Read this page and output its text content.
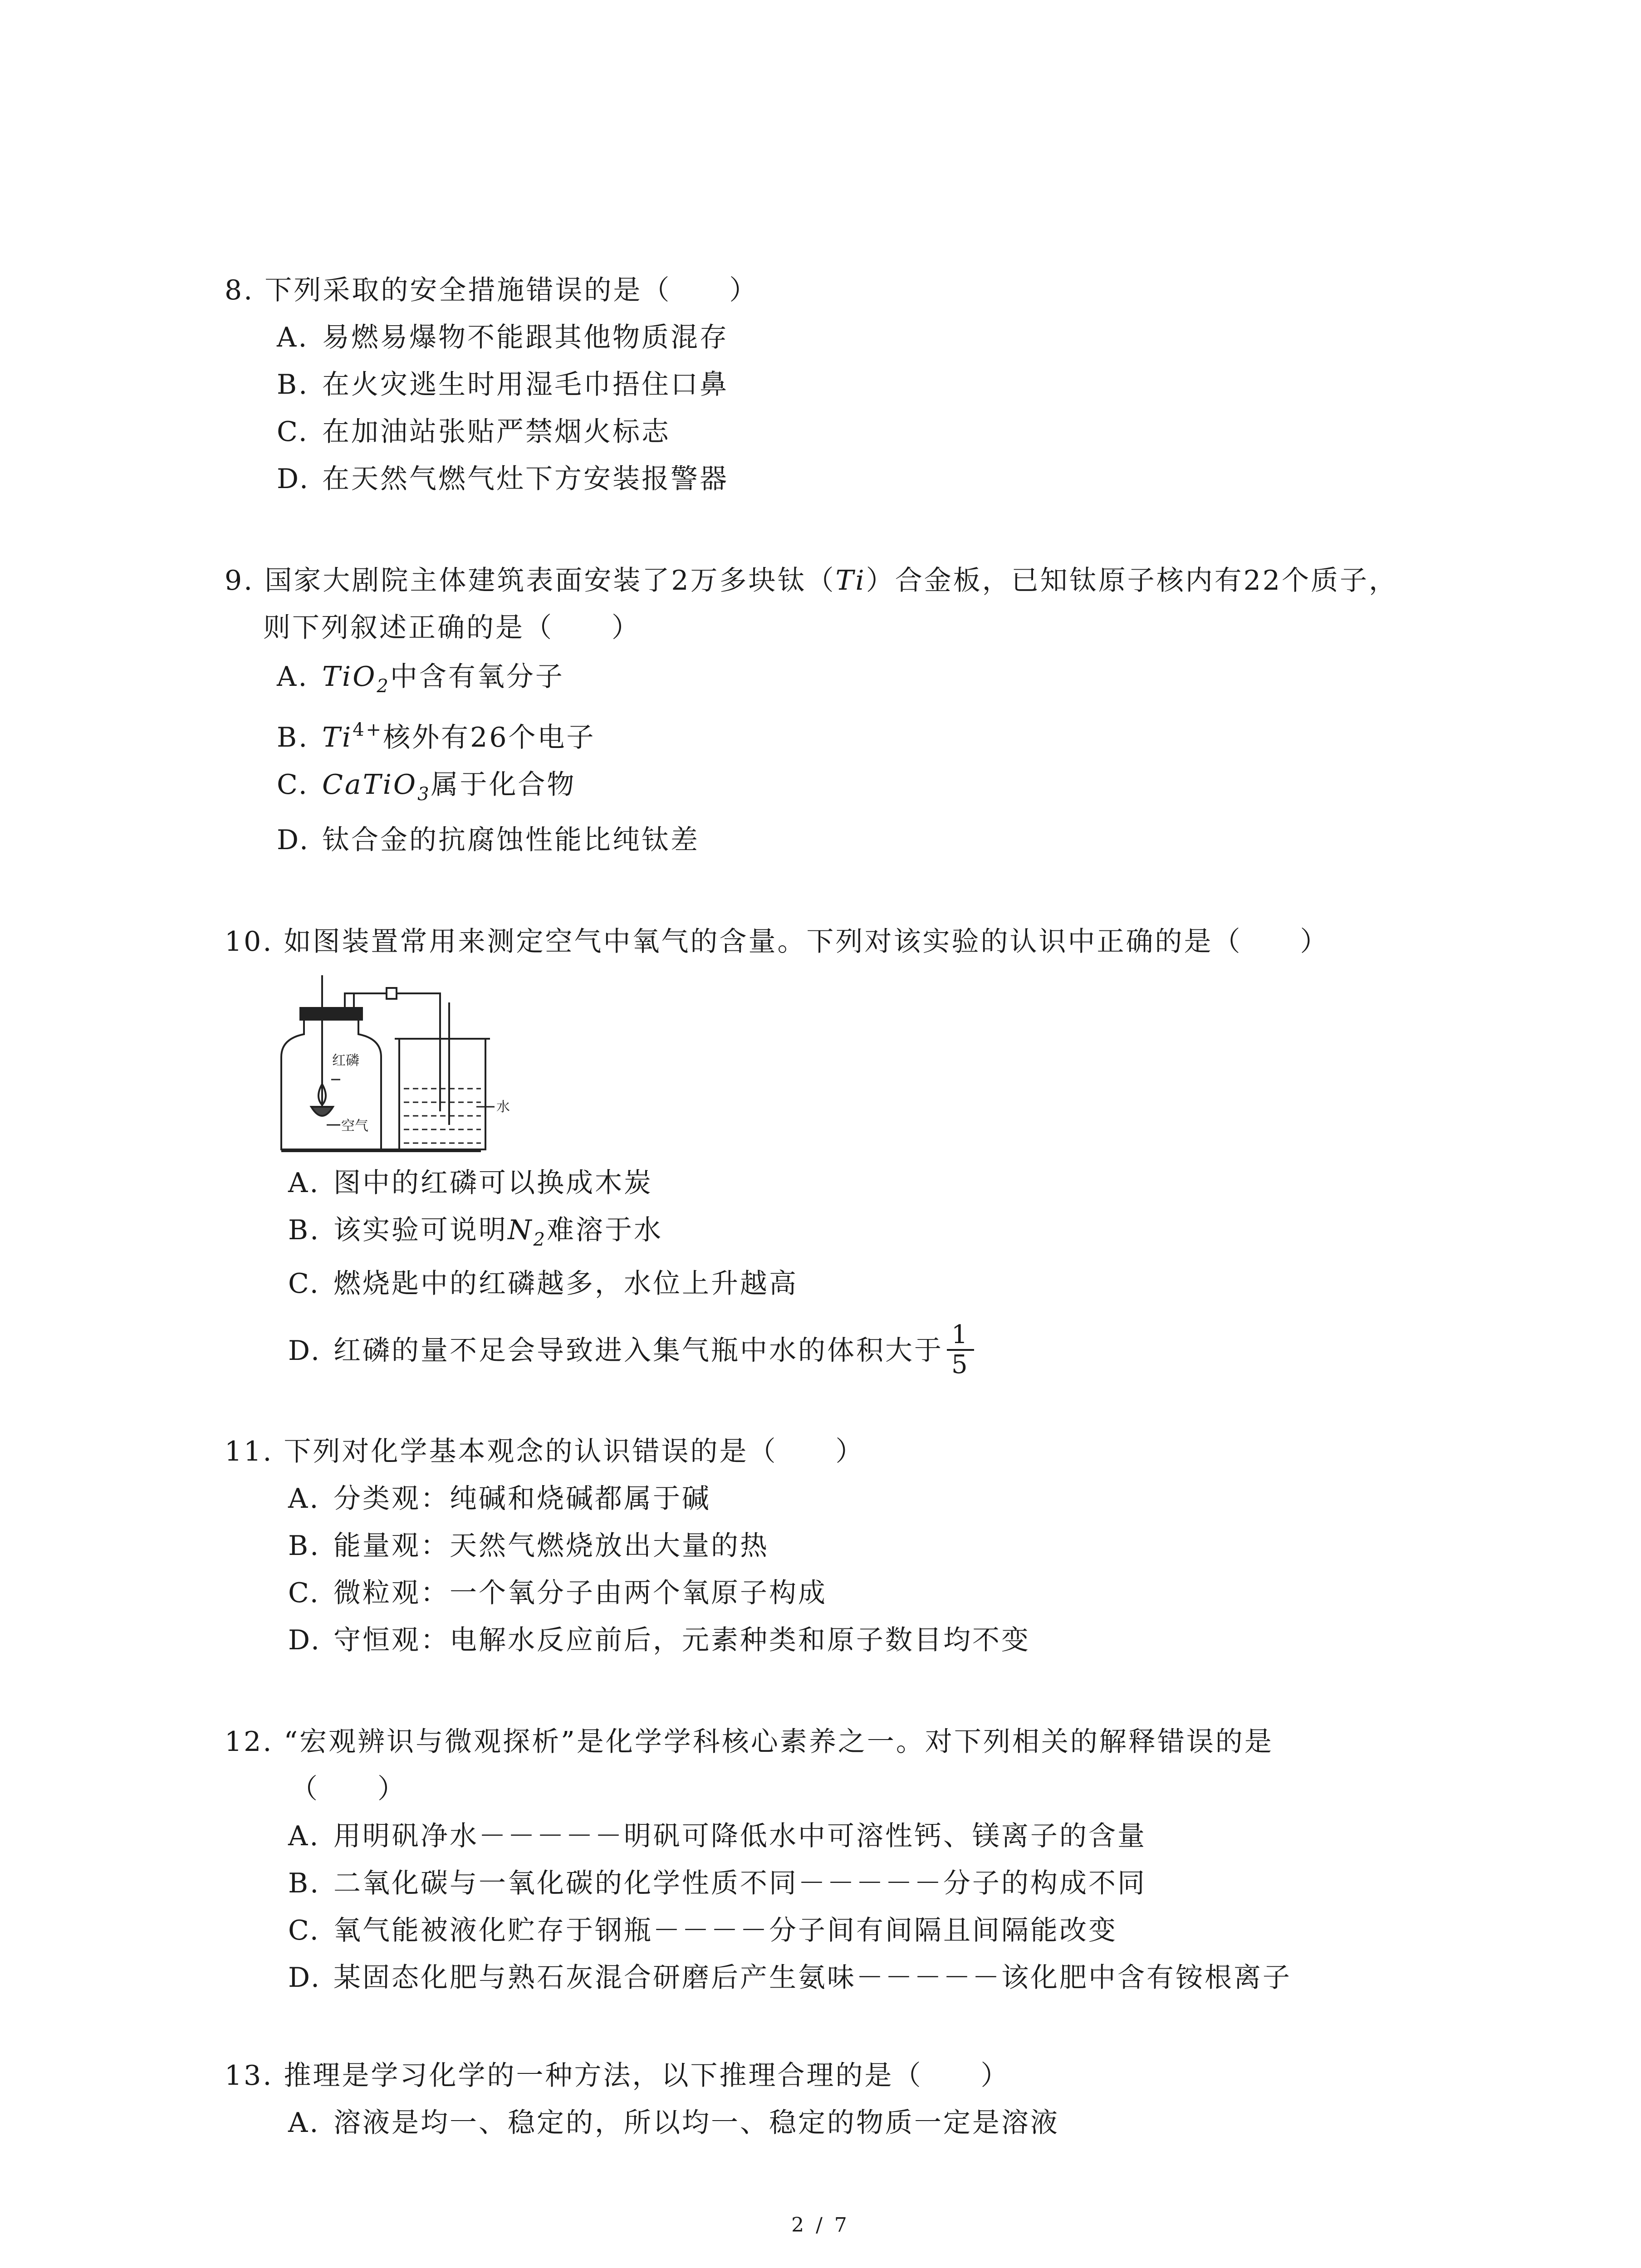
8. 下列采取的安全措施错误的是（　　）
A. 易燃易爆物不能跟其他物质混存
B. 在火灾逃生时用湿毛巾捂住口鼻
C. 在加油站张贴严禁烟火标志
D. 在天然气燃气灶下方安装报警器
9. 国家大剧院主体建筑表面安装了2万多块钛（Ti）合金板，已知钛原子核内有22个质子，
则下列叙述正确的是（　　）
A. TiO$_2$中含有氧分子
B. $Ti^{4+}$核外有26个电子
C. CaTiO$_3$属于化合物
D. 钛合金的抗腐蚀性能比纯钛差
10. 如图装置常用来测定空气中氧气的含量。下列对该实验的认识中正确的是（　　）
红磷
空气
水
A. 图中的红磷可以换成木炭
B. 该实验可说明$N_2$难溶于水
C. 燃烧匙中的红磷越多，水位上升越高
D. 红磷的量不足会导致进入集气瓶中水的体积大于 $\frac{1}{5}$
11. 下列对化学基本观念的认识错误的是（　　）
A. 分类观：纯碱和烧碱都属于碱
B. 能量观：天然气燃烧放出大量的热
C. 微粒观：一个氧分子由两个氧原子构成
D. 守恒观：电解水反应前后，元素种类和原子数目均不变
12. “宏观辨识与微观探析”是化学学科核心素养之一。对下列相关的解释错误的是
（　　）
A. 用明矾净水－－－－－明矾可降低水中可溶性钙、镁离子的含量
B. 二氧化碳与一氧化碳的化学性质不同－－－－－分子的构成不同
C. 氧气能被液化贮存于钢瓶－－－－分子间有间隔且间隔能改变
D. 某固态化肥与熟石灰混合研磨后产生氨味－－－－－该化肥中含有铵根离子
13. 推理是学习化学的一种方法，以下推理合理的是（　　）
A. 溶液是均一、稳定的，所以均一、稳定的物质一定是溶液
2 / 7
